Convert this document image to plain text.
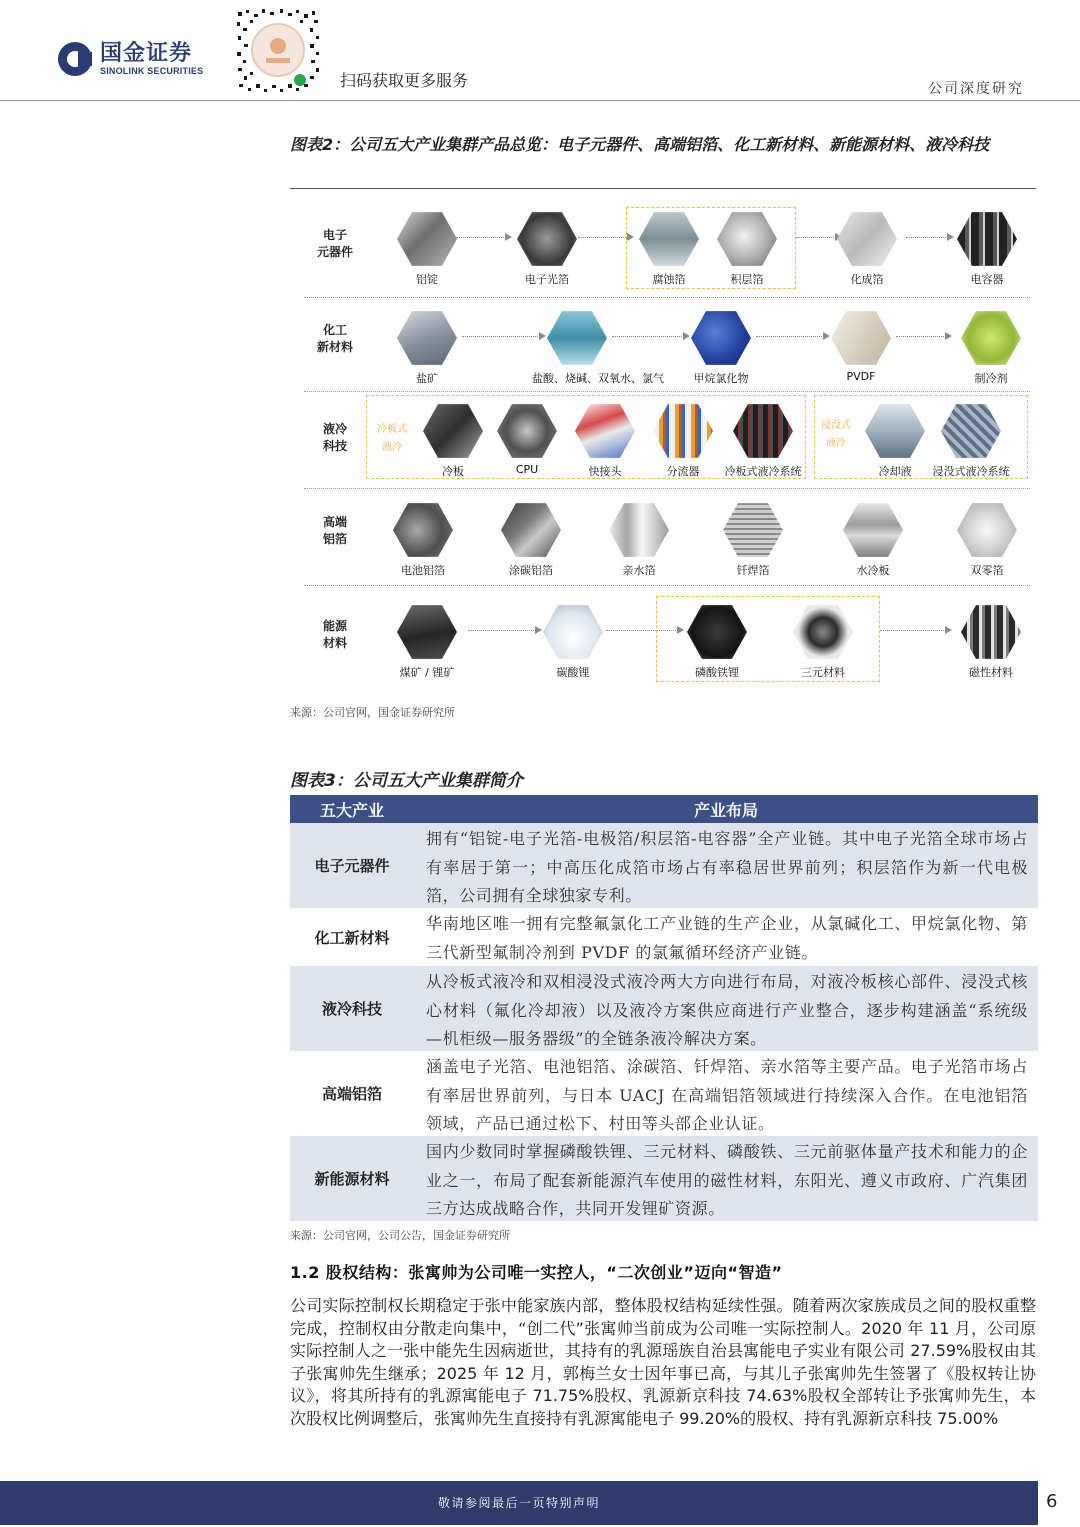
国金证券
SINOLINK SECURITIES	扫码获取更多服务	公司深度研究
图表2：公司五大产业集群产品总览：电子元器件、高端铝箔、化工新材料、新能源材料、液冷科技
电子
元器件
铝锭	电子光箔	腐蚀箔	积层箔	化成箔	电容器
化工
新材料
盐矿	盐酸、烧碱、双氧水、氯气	甲烷氯化物	PVDF	制冷剂
液冷
科技
冷板式
液冷
浸没式
液冷
冷板	CPU	快接头	分流器	冷板式液冷系统	冷却液	浸没式液冷系统
高端
铝箔
电池铝箔	涂碳铝箔	亲水箔	钎焊箔	水冷板	双零箔
能源
材料
煤矿 / 锂矿	碳酸锂	磷酸铁锂	三元材料	磁性材料
来源：公司官网，国金证券研究所
图表3：公司五大产业集群简介
五大产业	产业布局
电子元器件
拥有“铝锭-电子光箔-电极箔/积层箔-电容器”全产业链。其中电子光箔全球市场占有率居于第一；中高压化成箔市场占有率稳居世界前列；积层箔作为新一代电极箔，公司拥有全球独家专利。
化工新材料
华南地区唯一拥有完整氟氯化工产业链的生产企业，从氯碱化工、甲烷氯化物、第三代新型氟制冷剂到 PVDF 的氯氟循环经济产业链。
液冷科技
从冷板式液冷和双相浸没式液冷两大方向进行布局，对液冷板核心部件、浸没式核心材料（氟化冷却液）以及液冷方案供应商进行产业整合，逐步构建涵盖“系统级—机柜级—服务器级”的全链条液冷解决方案。
高端铝箔
涵盖电子光箔、电池铝箔、涂碳箔、钎焊箔、亲水箔等主要产品。电子光箔市场占有率居世界前列，与日本 UACJ 在高端铝箔领域进行持续深入合作。在电池铝箔领域，产品已通过松下、村田等头部企业认证。
新能源材料
国内少数同时掌握磷酸铁锂、三元材料、磷酸铁、三元前驱体量产技术和能力的企业之一，布局了配套新能源汽车使用的磁性材料，东阳光、遵义市政府、广汽集团三方达成战略合作，共同开发锂矿资源。
来源：公司官网，公司公告，国金证券研究所
1.2 股权结构：张寓帅为公司唯一实控人，“二次创业”迈向“智造”
公司实际控制权长期稳定于张中能家族内部，整体股权结构延续性强。随着两次家族成员之间的股权重整完成，控制权由分散走向集中，“创二代”张寓帅当前成为公司唯一实际控制人。2020 年 11 月，公司原实际控制人之一张中能先生因病逝世，其持有的乳源瑶族自治县寓能电子实业有限公司 27.59%股权由其子张寓帅先生继承；2025 年 12 月，郭梅兰女士因年事已高，与其儿子张寓帅先生签署了《股权转让协议》，将其所持有的乳源寓能电子 71.75%股权、乳源新京科技 74.63%股权全部转让予张寓帅先生，本次股权比例调整后，张寓帅先生直接持有乳源寓能电子 99.20%的股权、持有乳源新京科技 75.00%
敬请参阅最后一页特别声明	6
